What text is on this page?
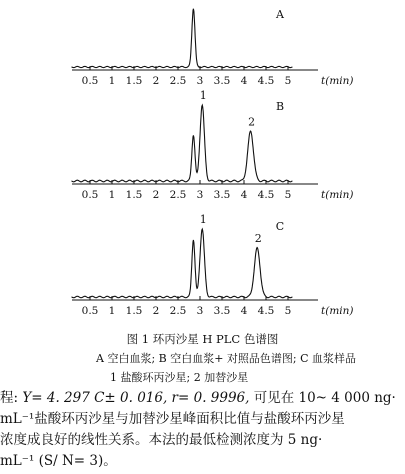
0.5 1 1.5 2 2.5 3 3.5 4 4.5 5	t(min)
A
0.5 1 1.5 2 2.5 3 3.5 4 4.5 5	t(min)
B
1
2
0.5 1 1.5 2 2.5 3 3.5 4 4.5 5	t(min)
C
1
2
图 1 环丙沙星 H PLC 色谱图
A 空白血浆; B 空白血浆+ 对照品色谱图; C 血浆样品
1 盐酸环丙沙星; 2 加替沙星
程: Y= 4. 297 C± 0. 016, r= 0. 9996, 可见在 10~ 4 000 ng·
mL⁻¹盐酸环丙沙星与加替沙星峰面积比值与盐酸环丙沙星
浓度成良好的线性关系。本法的最低检测浓度为 5 ng·
mL⁻¹ (S/ N= 3)。
